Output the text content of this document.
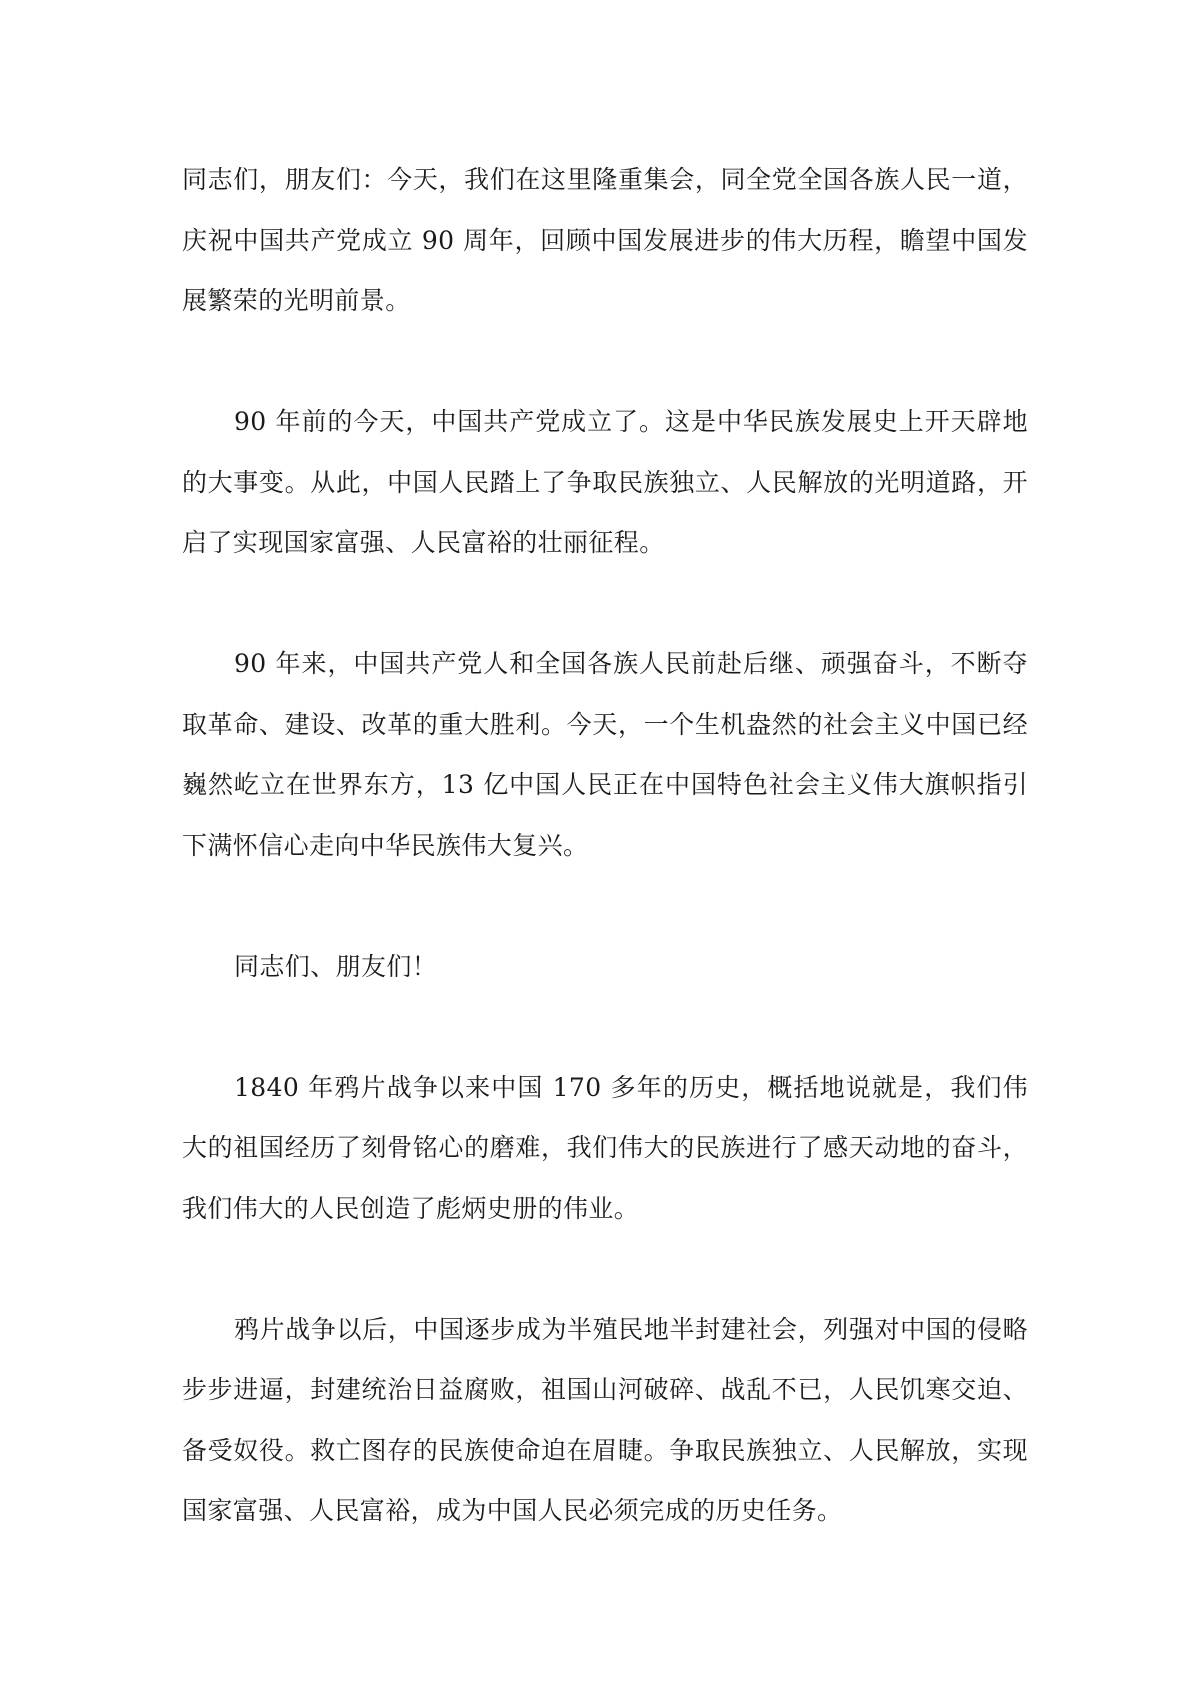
同志们，朋友们：今天，我们在这里隆重集会，同全党全国各族人民一道，庆祝中国共产党成立 90 周年，回顾中国发展进步的伟大历程，瞻望中国发展繁荣的光明前景。

90 年前的今天，中国共产党成立了。这是中华民族发展史上开天辟地的大事变。从此，中国人民踏上了争取民族独立、人民解放的光明道路，开启了实现国家富强、人民富裕的壮丽征程。

90 年来，中国共产党人和全国各族人民前赴后继、顽强奋斗，不断夺取革命、建设、改革的重大胜利。今天，一个生机盎然的社会主义中国已经巍然屹立在世界东方，13 亿中国人民正在中国特色社会主义伟大旗帜指引下满怀信心走向中华民族伟大复兴。

同志们、朋友们！

1840 年鸦片战争以来中国 170 多年的历史，概括地说就是，我们伟大的祖国经历了刻骨铭心的磨难，我们伟大的民族进行了感天动地的奋斗，我们伟大的人民创造了彪炳史册的伟业。

鸦片战争以后，中国逐步成为半殖民地半封建社会，列强对中国的侵略步步进逼，封建统治日益腐败，祖国山河破碎、战乱不已，人民饥寒交迫、备受奴役。救亡图存的民族使命迫在眉睫。争取民族独立、人民解放，实现国家富强、人民富裕，成为中国人民必须完成的历史任务。
